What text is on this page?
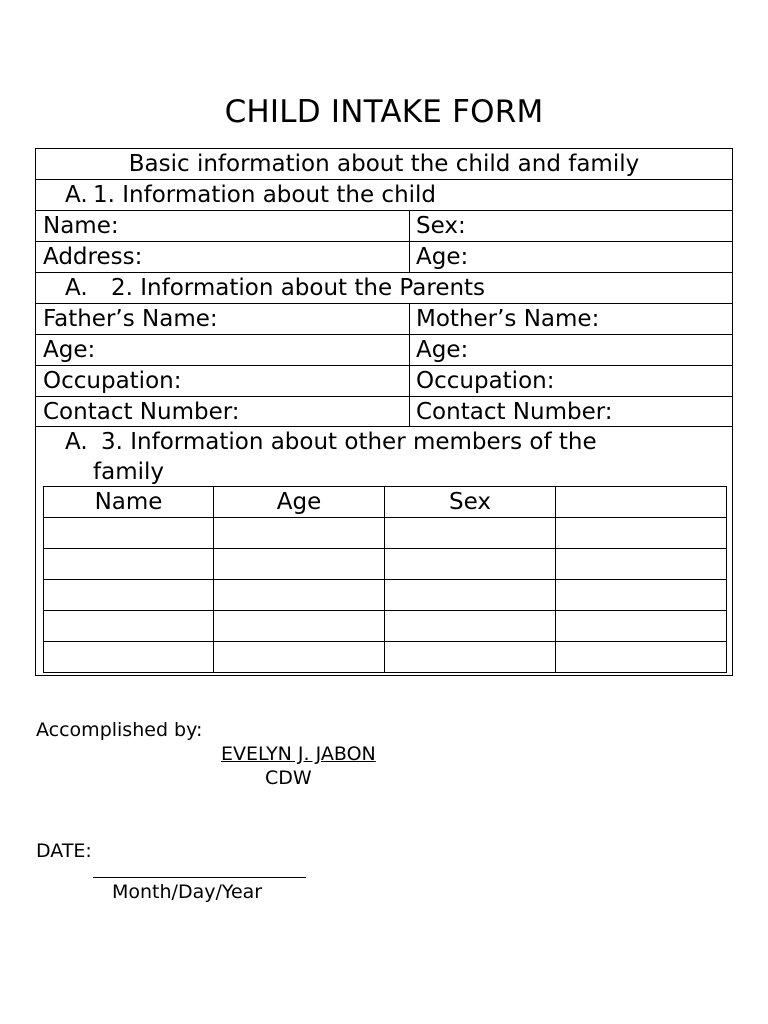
CHILD INTAKE FORM
Basic information about the child and family
A. 1. Information about the child
Name:	Sex:
Address:	Age:
A. 2. Information about the Parents
Father’s Name:	Mother’s Name:
Age:	Age:
Occupation:	Occupation:
Contact Number:	Contact Number:
A. 3. Information about other members of the
family
Name	Age	Sex	

Accomplished by:
EVELYN J. JABON
CDW
DATE:
Month/Day/Year
